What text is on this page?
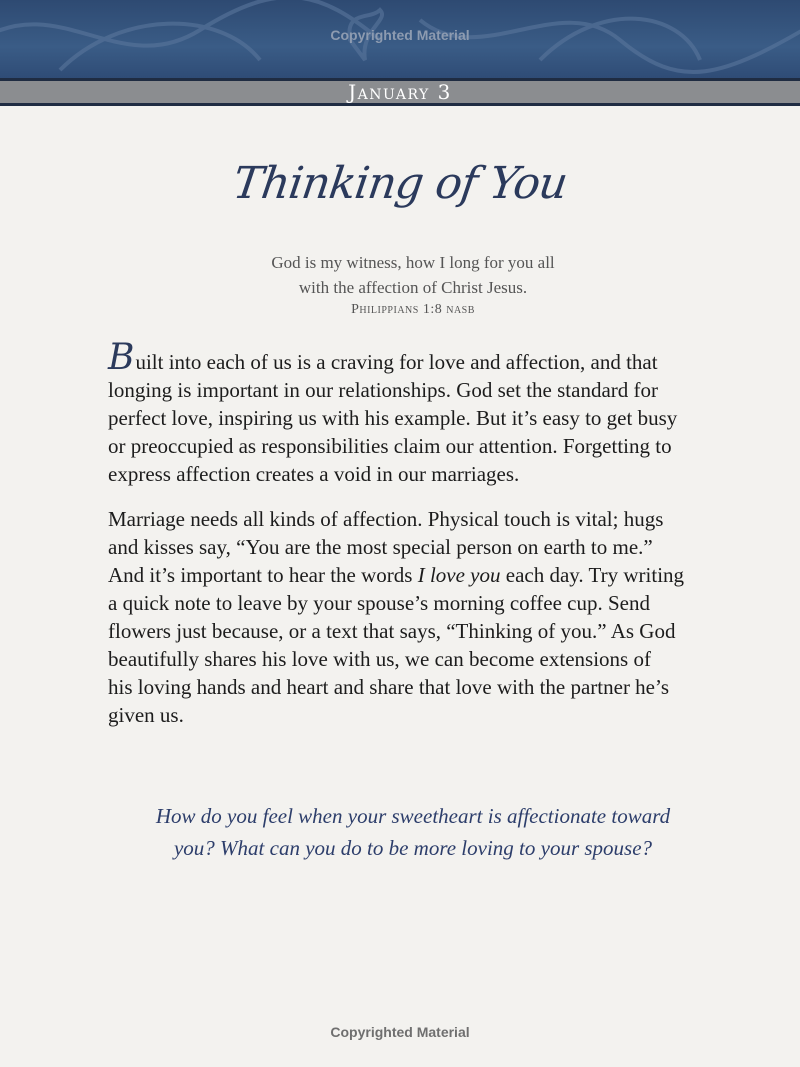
Copyrighted Material
January 3
Thinking of You
God is my witness, how I long for you all
with the affection of Christ Jesus.
Philippians 1:8 nasb
Built into each of us is a craving for love and affection, and that
longing is important in our relationships. God set the standard for
perfect love, inspiring us with his example. But it’s easy to get busy
or preoccupied as responsibilities claim our attention. Forgetting to
express affection creates a void in our marriages.
Marriage needs all kinds of affection. Physical touch is vital; hugs
and kisses say, “You are the most special person on earth to me.”
And it’s important to hear the words I love you each day. Try writing
a quick note to leave by your spouse’s morning coffee cup. Send
flowers just because, or a text that says, “Thinking of you.” As God
beautifully shares his love with us, we can become extensions of
his loving hands and heart and share that love with the partner he’s
given us.
How do you feel when your sweetheart is affectionate toward
you? What can you do to be more loving to your spouse?
Copyrighted Material
